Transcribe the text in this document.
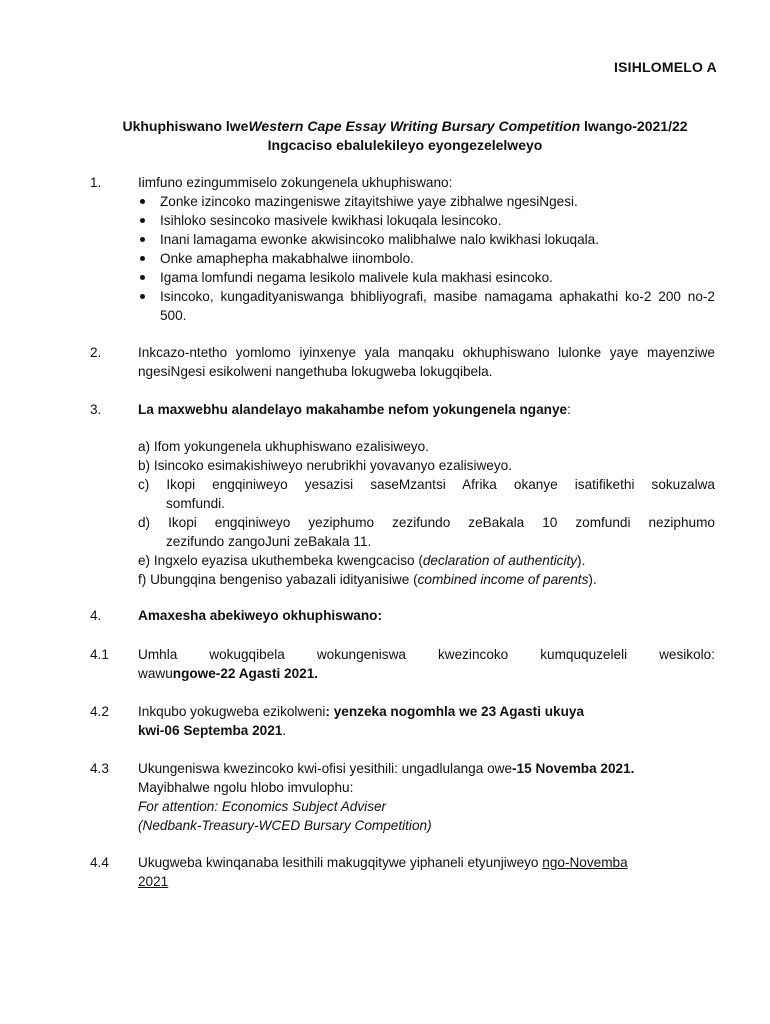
ISIHLOMELO A
Ukhuphiswano lweWestern Cape Essay Writing Bursary Competition lwango-2021/22
Ingcaciso ebalulekileyo eyongezelelweyo
1.	Iimfuno ezingummiselo zokungenela ukhuphiswano:
Zonke izincoko mazingeniswe zitayitshiwe yaye zibhalwe ngesiNgesi.
Isihloko sesincoko masivele kwikhasi lokuqala lesincoko.
Inani lamagama ewonke akwisincoko malibhalwe nalo kwikhasi lokuqala.
Onke amaphepha makabhalwe iinombolo.
Igama lomfundi negama lesikolo malivele kula makhasi esincoko.
Isincoko, kungadityaniswanga bhibliyografi, masibe namagama aphakathi ko-2 200 no-2 500.
2.	Inkcazo-ntetho yomlomo iyinxenye yala manqaku okhuphiswano lulonke yaye mayenziwe ngesiNgesi esikolweni nangethuba lokugweba lokugqibela.
3.	La maxwebhu alandelayo makahambe nefom yokungenela nganye:
a) Ifom yokungenela ukhuphiswano ezalisiweyo.
b) Isincoko esimakishiweyo nerubrikhi yovavanyo ezalisiweyo.
c) Ikopi engqiniweyo yesazisi saseMzantsi Afrika okanye isatifikethi sokuzalwa
somfundi.
d) Ikopi engqiniweyo yeziphumo zezifundo zeBakala 10 zomfundi neziphumo
zezifundo zangoJuni zeBakala 11.
e) Ingxelo eyazisa ukuthembeka kwengcaciso (declaration of authenticity).
f) Ubungqina bengeniso yabazali idityanisiwe (combined income of parents).
4.	Amaxesha abekiweyo okhuphiswano:
4.1 Umhla wokugqibela wokungeniswa kwezincoko kumququzeleli wesikolo:
wawungowe-22 Agasti 2021.
4.2 Inkqubo yokugweba ezikolweni: yenzeka nogomhla we 23 Agasti ukuya
kwi-06 Septemba 2021.
4.3 Ukungeniswa kwezincoko kwi-ofisi yesithili: ungadlulanga owe-15 Novemba 2021.
Mayibhalwe ngolu hlobo imvulophu:
For attention: Economics Subject Adviser
(Nedbank-Treasury-WCED Bursary Competition)
4.4 Ukugweba kwinqanaba lesithili makugqitywe yiphaneli etyunjiweyo ngo-Novemba
2021
